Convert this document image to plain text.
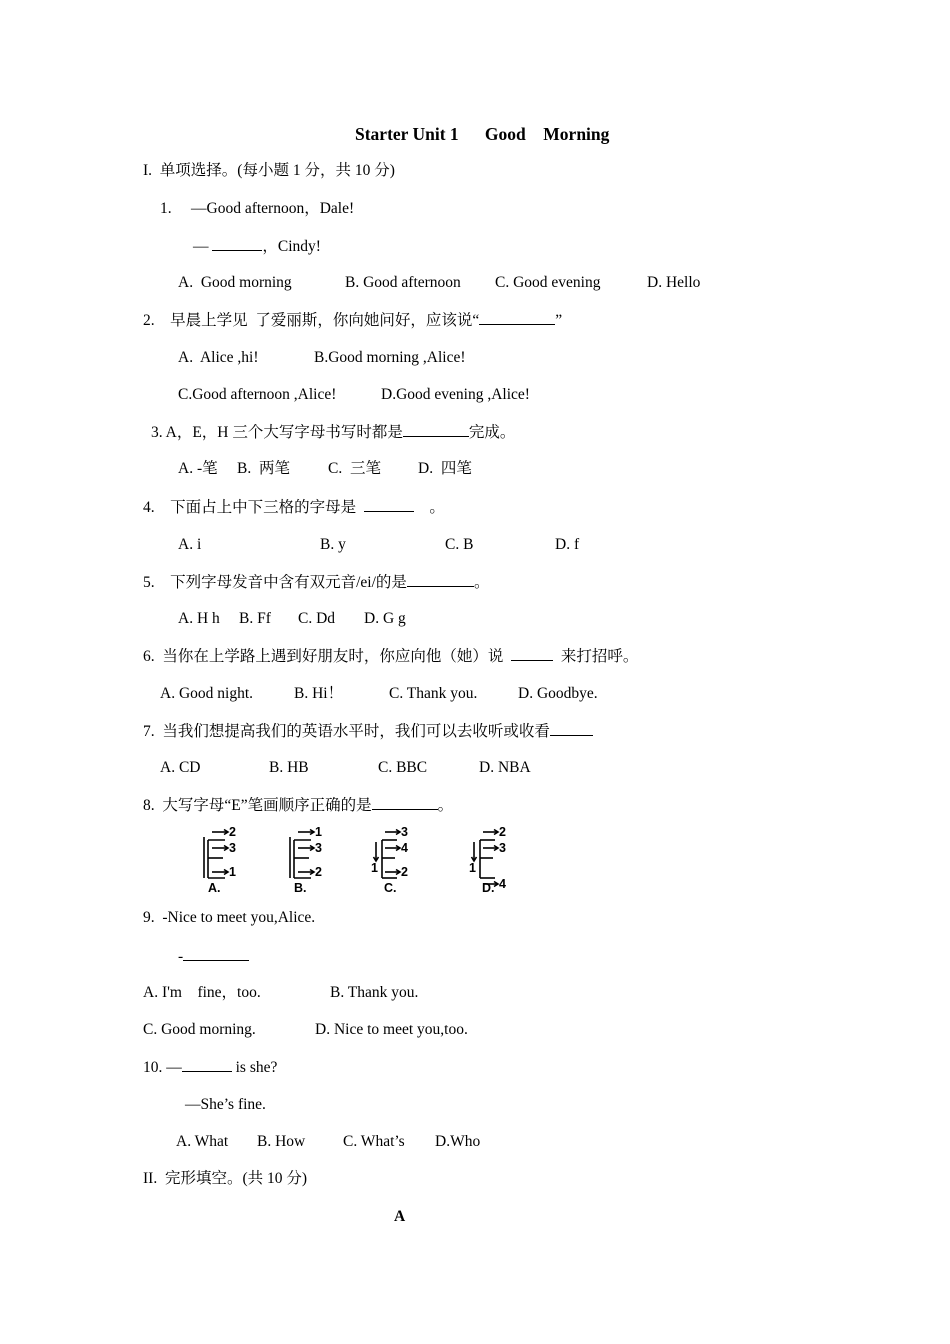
Starter Unit 1      Good    Morning
I.  单项选择。(每小题 1 分，共 10 分)
1.     —Good afternoon，Dale!
—	，Cindy!
A.  Good morning	B. Good afternoon C. Good evening	D. Hello
2.    早晨上学见  了爱丽斯，你向她问好，应该说“	”
A.  Alice ,hi!	B.Good morning ,Alice!
C.Good afternoon ,Alice!	D.Good evening ,Alice!
3. A，E，H 三个大写字母书写时都是	完成。
A. -笔 B.  两笔 C.  三笔 D.  四笔
4.    下面占上中下三格的字母是	。
A. i	B. y	C. B	D. f
5.    下列字母发音中含有双元音/ei/的是	。
A. H h B. Ff C. Dd D. G g
6.  当你在上学路上遇到好朋友时，你应向他（她）说	来打招呼。
A. Good night.	B. Hi！	C. Thank you.	D. Goodbye.
7.  当我们想提高我们的英语水平时，我们可以去收听或收看
A. CD	B. HB	C. BBC	D. NBA
8.  大写字母“E”笔画顺序正确的是	。
2
3
1
A.
1
3
2
B.
3
4
2
1
C.
2
3
4
1
D.
9.  -Nice to meet you,Alice.
-
A. I'm    fine，too.	B. Thank you.
C. Good morning.	D. Nice to meet you,too.
10. —	is she?
—She’s fine.
A. What B. How C. What’s D.Who
II.  完形填空。(共 10 分)
A
